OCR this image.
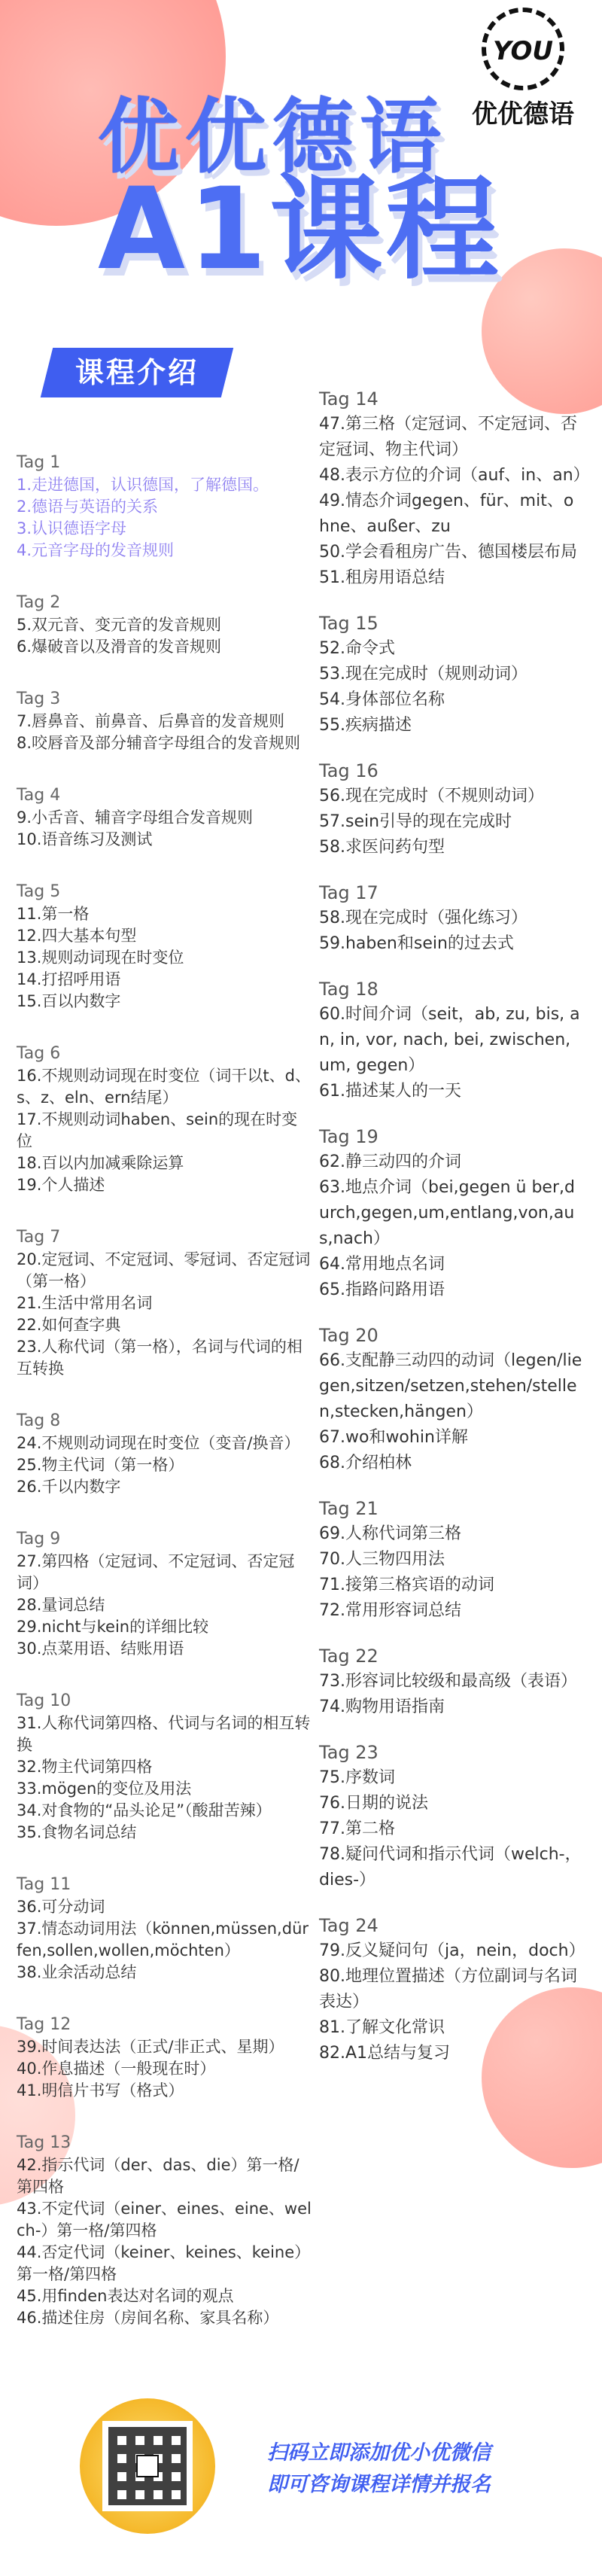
YOU
优优德语
优优德语
A1课程
课程介绍
Tag 1
1.走进德国，认识德国，了解德国。
2.德语与英语的关系
3.认识德语字母
4.元音字母的发音规则
Tag 2
5.双元音、变元音的发音规则
6.爆破音以及滑音的发音规则
Tag 3
7.唇鼻音、前鼻音、后鼻音的发音规则
8.咬唇音及部分辅音字母组合的发音规则
Tag 4
9.小舌音、辅音字母组合发音规则
10.语音练习及测试
Tag 5
11.第一格
12.四大基本句型
13.规则动词现在时变位
14.打招呼用语
15.百以内数字
Tag 6
16.不规则动词现在时变位（词干以t、d、s、z、eln、ern结尾）
17.不规则动词haben、sein的现在时变位
18.百以内加减乘除运算
19.个人描述
Tag 7
20.定冠词、不定冠词、零冠词、否定冠词（第一格）
21.生活中常用名词
22.如何查字典
23.人称代词（第一格），名词与代词的相互转换
Tag 8
24.不规则动词现在时变位（变音/换音）
25.物主代词（第一格）
26.千以内数字
Tag 9
27.第四格（定冠词、不定冠词、否定冠词）
28.量词总结
29.nicht与kein的详细比较
30.点菜用语、结账用语
Tag 10
31.人称代词第四格、代词与名词的相互转换
32.物主代词第四格
33.mögen的变位及用法
34.对食物的“品头论足”（酸甜苦辣）
35.食物名词总结
Tag 11
36.可分动词
37.情态动词用法（können,müssen,dürfen,sollen,wollen,möchten）
38.业余活动总结
Tag 12
39.时间表达法（正式/非正式、星期）
40.作息描述（一般现在时）
41.明信片书写（格式）
Tag 13
42.指示代词（der、das、die）第一格/第四格
43.不定代词（einer、eines、eine、welch-）第一格/第四格
44.否定代词（keiner、keines、keine）第一格/第四格
45.用finden表达对名词的观点
46.描述住房（房间名称、家具名称）
Tag 14
47.第三格（定冠词、不定冠词、否定冠词、物主代词）
48.表示方位的介词（auf、in、an）
49.情态介词gegen、für、mit、ohne、außer、zu
50.学会看租房广告、德国楼层布局
51.租房用语总结
Tag 15
52.命令式
53.现在完成时（规则动词）
54.身体部位名称
55.疾病描述
Tag 16
56.现在完成时（不规则动词）
57.sein引导的现在完成时
58.求医问药句型
Tag 17
58.现在完成时（强化练习）
59.haben和sein的过去式
Tag 18
60.时间介词（seit，ab, zu, bis, an, in, vor, nach, bei, zwischen, um, gegen）
61.描述某人的一天
Tag 19
62.静三动四的介词
63.地点介词（bei,gegen ü ber,durch,gegen,um,entlang,von,aus,nach）
64.常用地点名词
65.指路问路用语
Tag 20
66.支配静三动四的动词（legen/liegen,sitzen/setzen,stehen/stellen,stecken,hängen）
67.wo和wohin详解
68.介绍柏林
Tag 21
69.人称代词第三格
70.人三物四用法
71.接第三格宾语的动词
72.常用形容词总结
Tag 22
73.形容词比较级和最高级（表语）
74.购物用语指南
Tag 23
75.序数词
76.日期的说法
77.第二格
78.疑问代词和指示代词（welch-，dies-）
Tag 24
79.反义疑问句（ja，nein，doch）
80.地理位置描述（方位副词与名词表达）
81.了解文化常识
82.A1总结与复习
扫码立即添加优小优微信
即可咨询课程详情并报名
